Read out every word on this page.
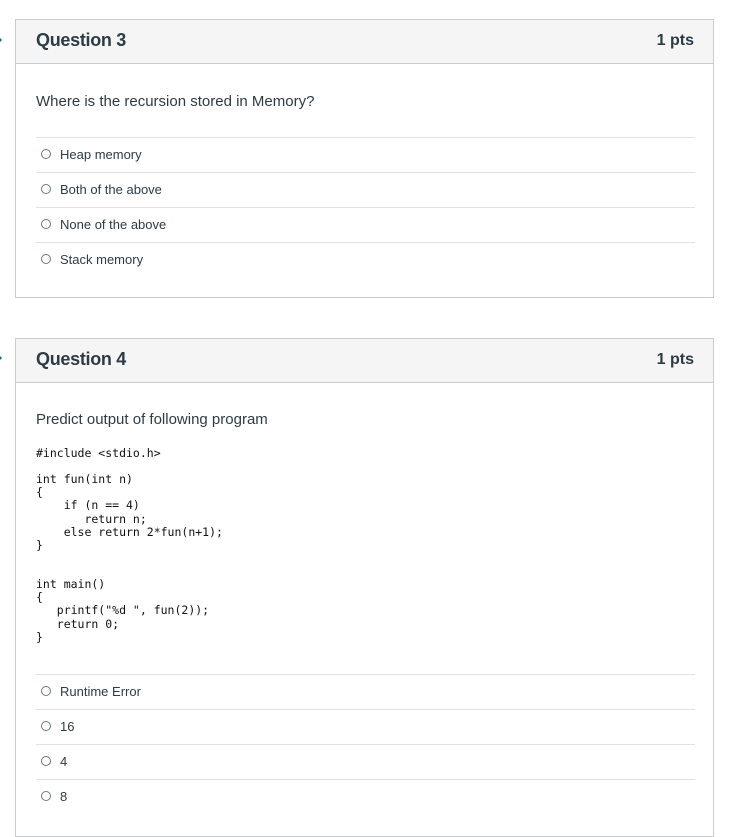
Question 3	1 pts
Where is the recursion stored in Memory?
Heap memory
Both of the above
None of the above
Stack memory
Question 4	1 pts
Predict output of following program
#include <stdio.h>
int fun(int n)
{
if (n == 4)
return n;
else return 2*fun(n+1);
}
int main()
{
printf("%d ", fun(2));
return 0;
}
Runtime Error
16
4
8
